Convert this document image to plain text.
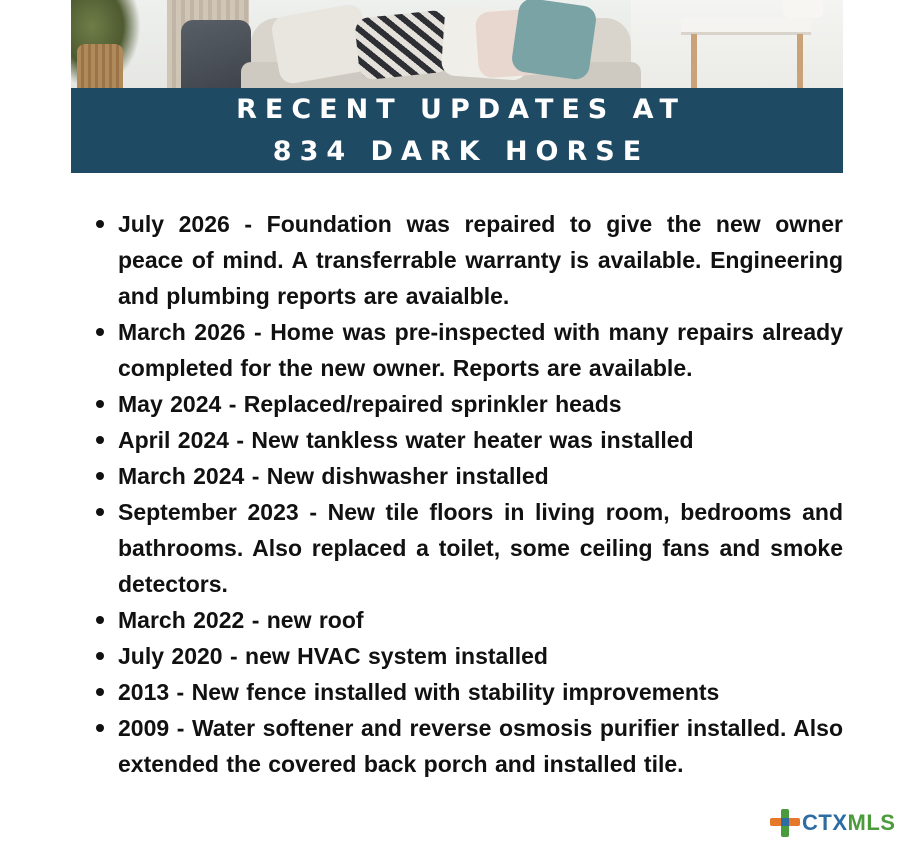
RECENT UPDATES AT
834 DARK HORSE
July 2026 - Foundation was repaired to give the new owner peace of mind. A transferrable warranty is available. Engineering and plumbing reports are avaialble.
March 2026 - Home was pre-inspected with many repairs already completed for the new owner. Reports are available.
May 2024 - Replaced/repaired sprinkler heads
April 2024 - New tankless water heater was installed
March 2024 - New dishwasher installed
September 2023 - New tile floors in living room, bedrooms and bathrooms. Also replaced a toilet, some ceiling fans and smoke detectors.
March 2022 - new roof
July 2020 - new HVAC system installed
2013 - New fence installed with stability improvements
2009 - Water softener and reverse osmosis purifier installed. Also extended the covered back porch and installed tile.
CTXMLS
